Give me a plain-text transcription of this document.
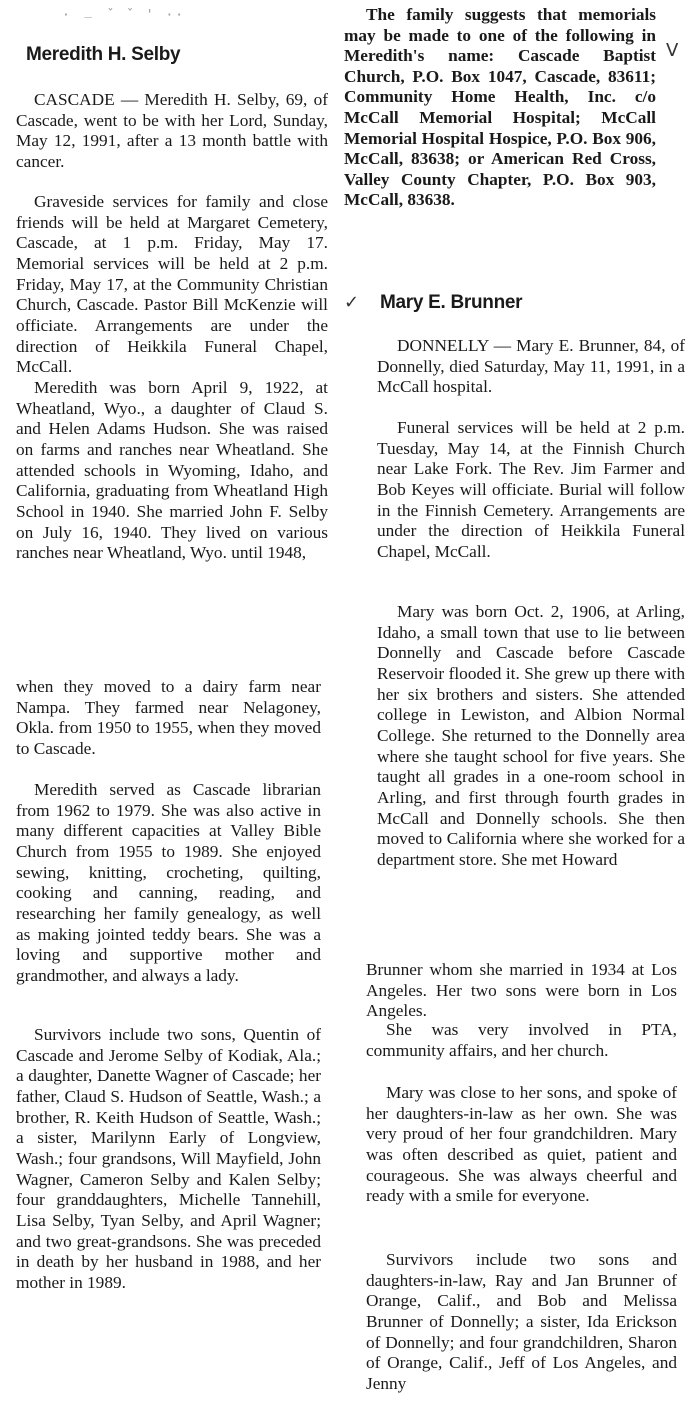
· ﹘ ˇ ˇ ' ··
Meredith H. Selby

CASCADE — Meredith H. Selby, 69, of Cascade, went to be with her Lord, Sunday, May 12, 1991, after a 13 month battle with cancer.

Graveside services for family and close friends will be held at Margaret Cemetery, Cascade, at 1 p.m. Friday, May 17. Memorial services will be held at 2 p.m. Friday, May 17, at the Community Christian Church, Cascade. Pastor Bill McKenzie will officiate. Arrangements are under the direction of Heikkila Funeral Chapel, McCall.

Meredith was born April 9, 1922, at Wheatland, Wyo., a daughter of Claud S. and Helen Adams Hudson. She was raised on farms and ranches near Wheatland. She attended schools in Wyoming, Idaho, and California, graduating from Wheatland High School in 1940. She married John F. Selby on July 16, 1940. They lived on various ranches near Wheatland, Wyo. until 1948,

when they moved to a dairy farm near Nampa. They farmed near Nelagoney, Okla. from 1950 to 1955, when they moved to Cascade.

Meredith served as Cascade librarian from 1962 to 1979. She was also active in many different capacities at Valley Bible Church from 1955 to 1989. She enjoyed sewing, knitting, crocheting, quilting, cooking and canning, reading, and researching her family genealogy, as well as making jointed teddy bears. She was a loving and supportive mother and grandmother, and always a lady.

Survivors include two sons, Quentin of Cascade and Jerome Selby of Kodiak, Ala.; a daughter, Danette Wagner of Cascade; her father, Claud S. Hudson of Seattle, Wash.; a brother, R. Keith Hudson of Seattle, Wash.; a sister, Marilynn Early of Longview, Wash.; four grandsons, Will Mayfield, John Wagner, Cameron Selby and Kalen Selby; four granddaughters, Michelle Tannehill, Lisa Selby, Tyan Selby, and April Wagner; and two great-grandsons. She was preceded in death by her husband in 1988, and her mother in 1989.

The family suggests that memorials may be made to one of the following in Meredith's name: Cascade Baptist Church, P.O. Box 1047, Cascade, 83611; Community Home Health, Inc. c/o McCall Memorial Hospital; McCall Memorial Hospital Hospice, P.O. Box 906, McCall, 83638; or American Red Cross, Valley County Chapter, P.O. Box 903, McCall, 83638.

V
✓ Mary E. Brunner

DONNELLY — Mary E. Brunner, 84, of Donnelly, died Saturday, May 11, 1991, in a McCall hospital.

Funeral services will be held at 2 p.m. Tuesday, May 14, at the Finnish Church near Lake Fork. The Rev. Jim Farmer and Bob Keyes will officiate. Burial will follow in the Finnish Cemetery. Arrangements are under the direction of Heikkila Funeral Chapel, McCall.

Mary was born Oct. 2, 1906, at Arling, Idaho, a small town that use to lie between Donnelly and Cascade before Cascade Reservoir flooded it. She grew up there with her six brothers and sisters. She attended college in Lewiston, and Albion Normal College. She returned to the Donnelly area where she taught school for five years. She taught all grades in a one-room school in Arling, and first through fourth grades in McCall and Donnelly schools. She then moved to California where she worked for a department store. She met Howard

Brunner whom she married in 1934 at Los Angeles. Her two sons were born in Los Angeles.

She was very involved in PTA, community affairs, and her church.

Mary was close to her sons, and spoke of her daughters-in-law as her own. She was very proud of her four grandchildren. Mary was often described as quiet, patient and courageous. She was always cheerful and ready with a smile for everyone.

Survivors include two sons and daughters-in-law, Ray and Jan Brunner of Orange, Calif., and Bob and Melissa Brunner of Donnelly; a sister, Ida Erickson of Donnelly; and four grandchildren, Sharon of Orange, Calif., Jeff of Los Angeles, and Jenny
